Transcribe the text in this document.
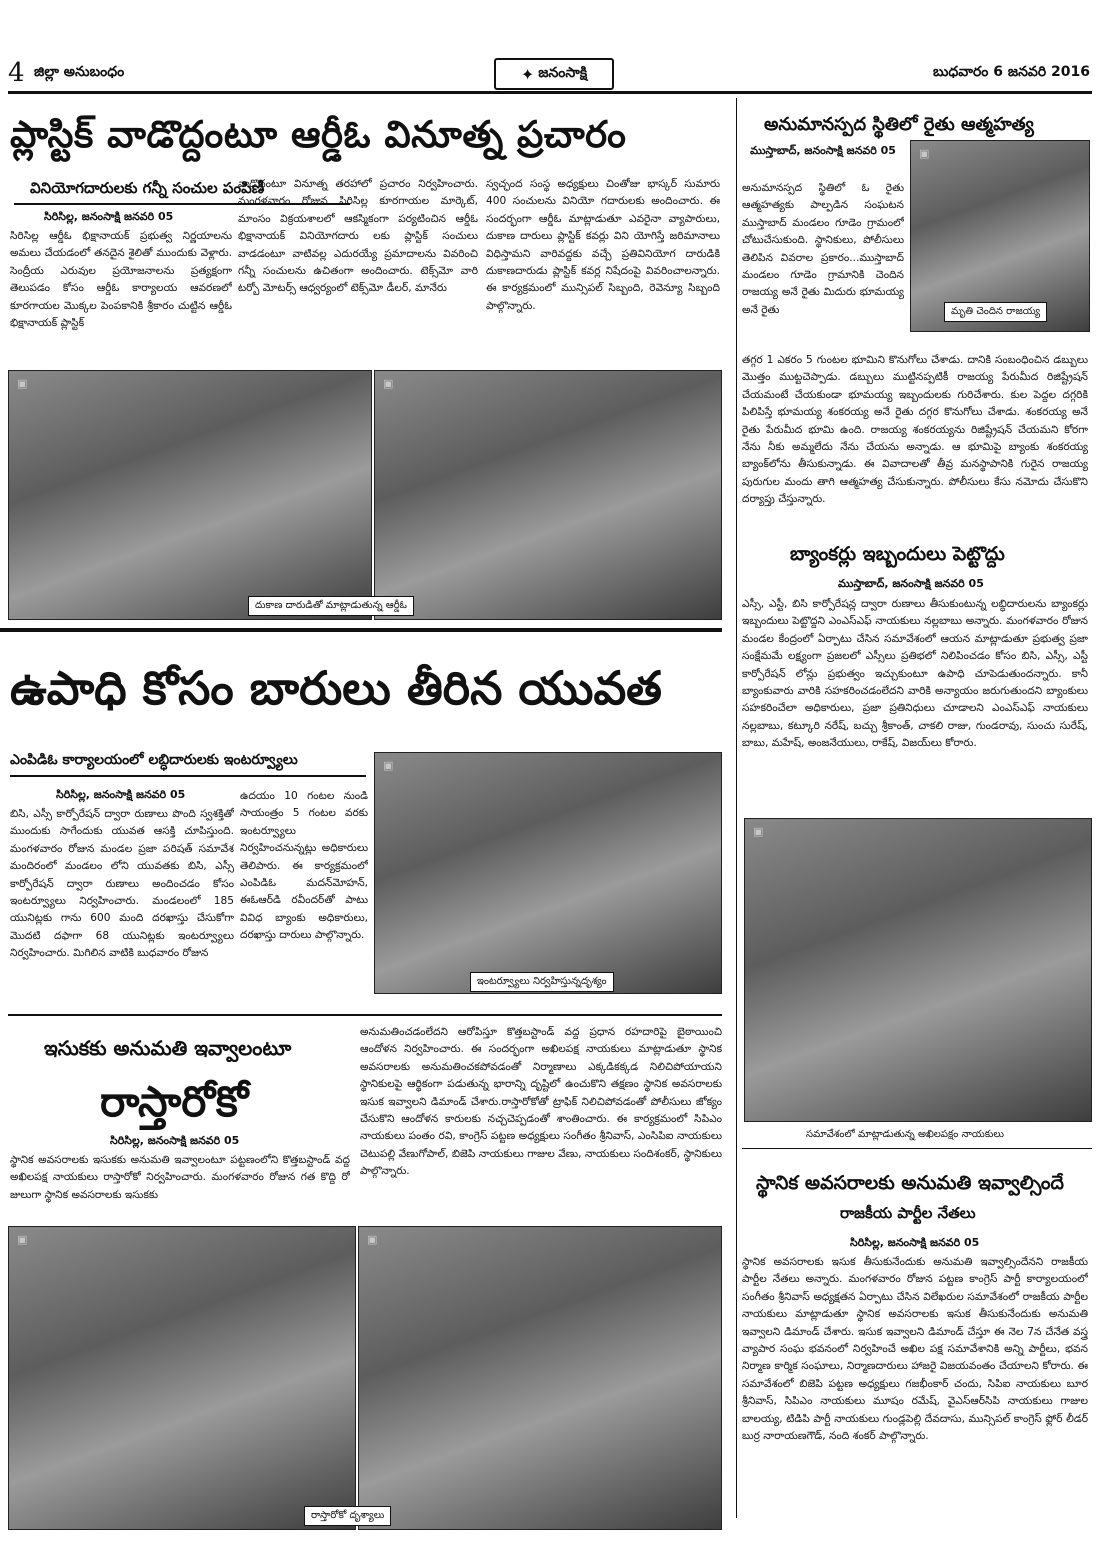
4 జిల్లా అనుబంధం	✦ జనంసాక్షి	బుధవారం 6 జనవరి 2016
ప్లాస్టిక్ వాడొద్దంటూ ఆర్డీఓ వినూత్న ప్రచారం
వినియోగదారులకు గన్నీ సంచుల పంపిణీ
సిరిసిల్ల, జనంసాక్షి జనవరి 05
సిరిసిల్ల ఆర్డీఓ భిక్షానాయక్ ప్రభుత్వ నిర్ణయాలను అమలు చేయడంలో తనదైన శైలితో ముందుకు వెళ్లారు. సెంద్రీయ ఎరువుల ప్రయోజనాలను ప్రత్యక్షంగా తెలుపడం కోసం ఆర్డీఓ కార్యాలయ ఆవరణలో కూరగాయల మొక్కల పెంపకానికి శ్రీకారం చుట్టిన ఆర్డీఓ భిక్షానాయక్ ప్లాస్టిక్
వాడొద్దంటూ వినూత్న తరహాలో ప్రచారం నిర్వహించారు. మంగళవారం రోజున సిరిసిల్ల కూరగాయల మార్కెట్, మాంసం విక్రయశాలలో ఆకస్మికంగా పర్యటించిన ఆర్డీఓ భిక్షానాయక్ వినియోగదారు లకు ప్లాస్టిక్ సంచులు వాడడంటూ వాటివల్ల ఎదురయ్యే ప్రమాదాలను వివరించి గన్నీ సంచులను ఉచితంగా అందించారు. టెక్స్‌మో వారి టర్బో మోటర్స్ ఆధ్వర్యంలో టెక్స్‌మో డీలర్, మానేరు
స్వచ్ఛంద సంస్థ అధ్యక్షులు చింతోజు భాస్కర్ సుమారు 400 సంచులను వినియో గదారులకు అందించారు. ఈ సందర్భంగా ఆర్డీఓ మాట్లాడుతూ ఎవరైనా వ్యాపారులు, దుకాణ దారులు ప్లాస్టిక్ కవర్లు విని యోగిస్తే జరిమానాలు విధిస్తామని వారివద్దకు వచ్చే ప్రతివినియోగ దారుడికి దుకాణదారుడు ప్లాస్టిక్ కవర్ల నిషేదంపై వివరించాలన్నారు. ఈ కార్యక్రమంలో మున్సిపల్ సిబ్బంది, రెవెన్యూ సిబ్బంది పాల్గొన్నారు.
▣	▣
దుకాణ దారుడితో మాట్లాడుతున్న ఆర్డీఓ
అనుమానస్పద స్థితిలో రైతు ఆత్మహత్య
ముస్తాబాద్, జనంసాక్షి జనవరి 05
అనుమానస్పద స్థితిలో ఓ రైతు ఆత్మహత్యకు పాల్పడిన సంఘటన ముస్తాబాద్ మండలం గూడెం గ్రామంలో చోటుచేసుకుంది. స్థానికులు, పోలీసులు తెలిపిన వివరాల ప్రకారం...ముస్తాబాద్ మండలం గూడెం గ్రామానికి చెందిన రాజయ్య అనే రైతు మిదురు భూమయ్య అనే రైతు
▣
మృతి చెందిన రాజయ్య
తగ్గర 1 ఎకరం 5 గుంటల భూమిని కొనుగోలు చేశాడు. దానికి సంబంధించిన డబ్బులు మొత్తం ముట్టచెప్పాడు. డబ్బులు ముట్టినప్పటికీ రాజయ్య పేరుమీద రిజిష్ట్రేషన్ చేయమంటే చేయకుండా భూమయ్య ఇబ్బందులకు గురిచేశారు. కుల పెద్దల దగ్గరికి పిలిపిస్తే భూమయ్య శంకరయ్య అనే రైతు దగ్గర కొనుగోలు చేశాడు. శంకరయ్య అనే రైతు పేరుమీద భూమి ఉంది. రాజయ్య శంకరయ్యను రిజిష్ట్రేషన్ చేయమని కోరగా నేను నీకు అమ్మలేదు నేను చేయను అన్నాడు. ఆ భూమిపై బ్యాంకు శంకరయ్య బ్యాంక్‌లోను తీసుకున్నాడు. ఈ వివాదాలతో తీవ్ర మనస్థాపానికి గురైన రాజయ్య పురుగుల మందు తాగి ఆత్మహత్య చేసుకున్నారు. పోలీసులు కేసు నమోదు చేసుకొని దర్యాప్తు చేస్తున్నారు.
బ్యాంకర్లు ఇబ్బందులు పెట్టొద్దు
ముస్తాబాద్, జనంసాక్షి జనవరి 05
ఎస్సీ, ఎస్టీ, బిసి కార్పోరేషన్ల ద్వారా రుణాలు తీసుకుంటున్న లబ్ధిదారులను బ్యాంకర్లు ఇబ్బందులు పెట్టొద్దని ఎంఎస్‌ఎఫ్ నాయకులు నల్లబాబు అన్నారు. మంగళవారం రోజున మండల కేంద్రంలో ఏర్పాటు చేసిన సమావేశంలో ఆయన మాట్లాడుతూ ప్రభుత్వ ప్రజా సంక్షేమమే లక్ష్యంగా ప్రజలలో ఎస్సీలు ప్రతిభలో నిలిపించడం కోసం బిసి, ఎస్సీ, ఎస్టీ కార్పోరేషన్ లోన్లు ప్రభుత్వం ఇచ్చుకుంటూ ఉపాధి చూపెడుతుందన్నారు. కానీ బ్యాంకువారు వారికి సహకరించడంలేదని వారికి అన్యాయం జరుగుతుందని బ్యాంకులు సహకరించేలా అధికారులు, ప్రజా ప్రతినిధులు చూడాలని ఎంఎస్‌ఎఫ్ నాయకులు నల్లబాబు, కట్కూరి నరేష్, బచ్చు శ్రీకాంత్, చాకలి రాజు, గుండరావు, సుంచు సురేష్, బాబు, మహేష్, అంజనేయులు, రాకేష్, విజయ్‌లు కోరారు.
ఉపాధి కోసం బారులు తీరిన యువత
ఎంపిడిఓ కార్యాలయంలో లబ్ధిదారులకు ఇంటర్వ్యూలు
సిరిసిల్ల, జనంసాక్షి జనవరి 05
బిసి, ఎస్సీ కార్పోరేషన్ ద్వారా రుణాలు పొంది స్వశక్తితో ముందుకు సాగేందుకు యువత ఆసక్తి చూపిస్తుంది. మంగళవారం రోజున మండల ప్రజా పరిషత్ సమావేశ మందిరంలో మండలం లోని యువతకు బిసి, ఎస్సీ కార్పోరేషన్ ద్వారా రుణాలు అందించడం కోసం ఇంటర్వ్యూలు నిర్వహించారు. మండలంలో 185 యునిట్లకు గాను 600 మంది దరఖాస్తు చేసుకోగా మొదటి దఫాగా 68 యునిట్లకు ఇంటర్వ్యూలు నిర్వహించారు. మిగిలిన వాటికి బుధవారం రోజున
ఉదయం 10 గంటల నుండి సాయంత్రం 5 గంటల వరకు ఇంటర్వ్యూలు నిర్వహించనున్నట్లు అధికారులు తెలిపారు. ఈ కార్యక్రమంలో ఎంపిడిఓ మదన్‌మోహన్, ఈఓఆర్‌డి రవీందర్‌తో పాటు వివిధ బ్యాంకు అధికారులు, దరఖాస్తు దారులు పాల్గొన్నారు.
▣
ఇంటర్వ్యూలు నిర్వహిస్తున్నదృశ్యం
ఇసుకకు అనుమతి ఇవ్వాలంటూ
రాస్తారోకో
సిరిసిల్ల, జనంసాక్షి జనవరి 05
స్థానిక అవసరాలకు ఇసుకకు అనుమతి ఇవ్వాలంటూ పట్టణంలోని కొత్తబస్టాండ్ వద్ద అఖిలపక్ష నాయకులు రాస్తారోకో నిర్వహించారు. మంగళవారం రోజున గత కొద్ది రో జులుగా స్థానిక అవసరాలకు ఇసుకకు
అనుమతించడంలేదని ఆరోపిస్తూ కొత్తబస్టాండ్ వద్ద ప్రధాన రహదారిపై బైఠాయించి ఆందోళన నిర్వహించారు. ఈ సందర్భంగా అఖిలపక్ష నాయకులు మాట్లాడుతూ స్థానిక అవసరాలకు అనుమతించకపోవడంతో నిర్మాణాలు ఎక్కడికక్కడ నిలిచిపోయాయని స్థానికులపై ఆర్థికంగా పడుతున్న భారాన్ని దృష్టిలో ఉంచుకొని తక్షణం స్థానిక అవసరాలకు ఇసుక ఇవ్వాలని డిమాండ్ చేశారు.రాస్తారోకోతో ట్రాఫిక్ నిలిచిపోవడంతో పోలీసులు జోక్యం చేసుకొని ఆందోళన కారులకు నచ్చచెప్పడంతో శాంతించారు. ఈ కార్యక్రమంలో సిపిఎం నాయకులు పంతం రవి, కాంగ్రెస్ పట్టణ అధ్యక్షులు సంగీతం శ్రీనివాస్, ఎంసిపిఐ నాయకులు చెటుపల్లి వేణుగోపాల్, బిజెపి నాయకులు గాజుల వేణు, నాయకులు సందిశంకర్, స్థానికులు పాల్గొన్నారు.
▣	▣
రాస్తారోకో దృశ్యాలు
▣
సమావేశంలో మాట్లాడుతున్న అఖిలపక్షం నాయకులు
స్థానిక అవసరాలకు అనుమతి ఇవ్వాల్సిందే
రాజకీయ పార్టీల నేతలు
సిరిసిల్ల, జనంసాక్షి జనవరి 05
స్థానిక అవసరాలకు ఇసుక తీసుకునేందుకు అనుమతి ఇవ్వాల్సిందేనని రాజకీయ పార్టీల నేతలు అన్నారు. మంగళవారం రోజున పట్టణ కాంగ్రెస్ పార్టీ కార్యాలయంలో సంగీతం శ్రీనివాస్ అధ్యక్షతన ఏర్పాటు చేసిన విలేఖరుల సమావేశంలో రాజకీయ పార్టీల నాయకులు మాట్లాడుతూ స్థానిక అవసరాలకు ఇసుక తీసుకునేందుకు అనుమతి ఇవ్వాలని డిమాండ్ చేశారు. ఇసుక ఇవ్వాలని డిమాండ్ చేస్తూ ఈ నెల 7న చేనేత వస్త్ర వ్యాపార సంఘ భవనంలో నిర్వహించే అఖిల పక్ష సమావేశానికి అన్ని పార్టీలు, భవన నిర్మాణ కార్మిక సంఘాలు, నిర్మాణదారులు హాజరై విజయవంతం చేయాలని కోరారు. ఈ సమావేశంలో బిజెపి పట్టణ అధ్యక్షులు గజభీంకార్ చందు, సిపిఐ నాయకులు బూర శ్రీనివాస్, సిపిఎం నాయకులు మూషం రమేష్, వైఎస్‌ఆర్‌సిపి నాయకులు గాజుల బాలయ్య, టిడిపి పార్టీ నాయకులు గుండ్లపెల్లి దేవదాసు, మున్సిపల్ కాంగ్రెస్ ఫ్లోర్ లీడర్ బుర్ర నారాయణగౌడ్, నంది శంకర్ పాల్గొన్నారు.
